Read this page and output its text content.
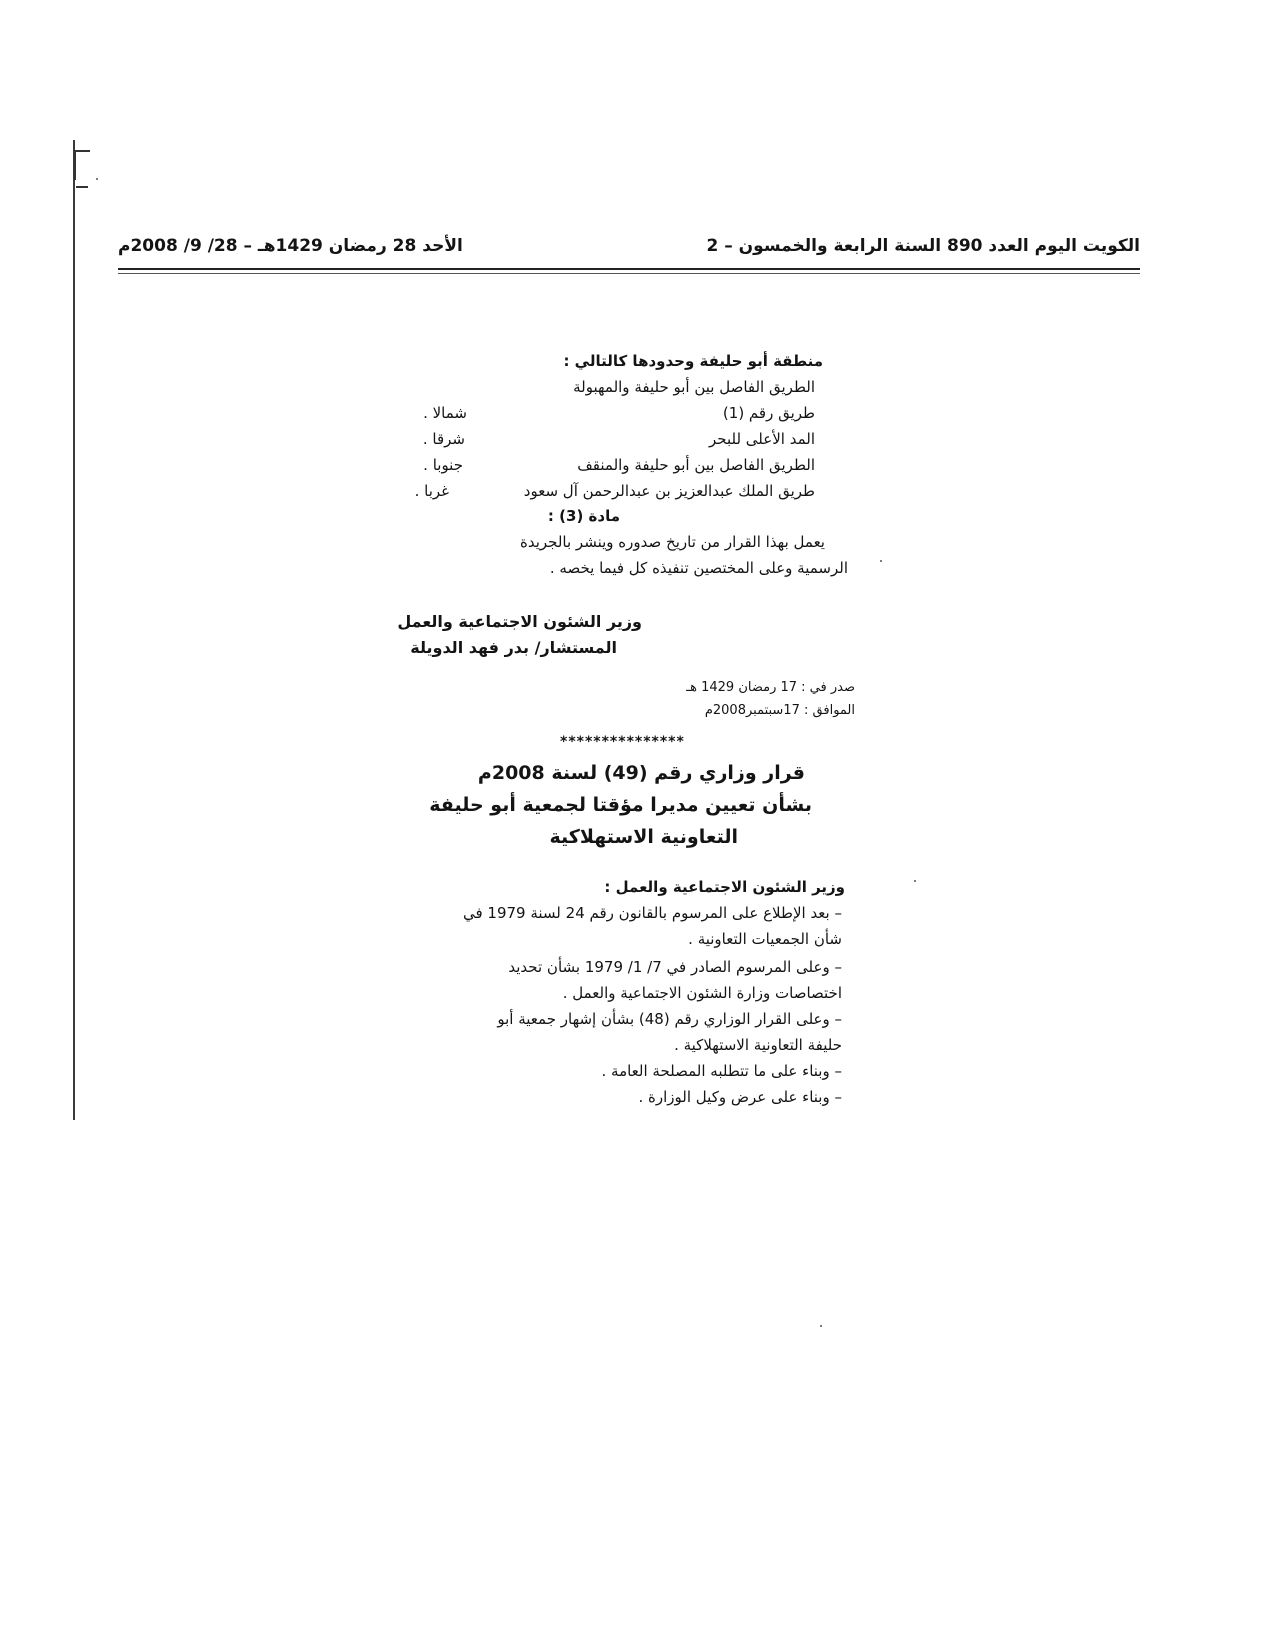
الكويت اليوم العدد 890 السنة الرابعة والخمسون – 2
الأحد 28 رمضان 1429هـ – 28/ 9/ 2008م
منطقة أبو حليفة وحدودها كالتالي :
الطريق الفاصل بين أبو حليفة والمهبولة
طريق رقم (1)
شمالا .
المد الأعلى للبحر
شرقا .
الطريق الفاصل بين أبو حليفة والمنقف
جنوبا .
طريق الملك عبدالعزيز بن عبدالرحمن آل سعود
غربا .
مادة (3) :
يعمل بهذا القرار من تاريخ صدوره وينشر بالجريدة
الرسمية وعلى المختصين تنفيذه كل فيما يخصه .
وزير الشئون الاجتماعية والعمل
المستشار/ بدر فهد الدويلة
صدر في : 17 رمضان 1429 هـ
الموافق : 17سبتمبر2008م
***************
قرار وزاري رقم (49) لسنة 2008م
بشأن تعيين مديرا مؤقتا لجمعية أبو حليفة
التعاونية الاستهلاكية
وزير الشئون الاجتماعية والعمل :
– بعد الإطلاع على المرسوم بالقانون رقم 24 لسنة 1979 في
شأن الجمعيات التعاونية .
– وعلى المرسوم الصادر في 7/ 1/ 1979 بشأن تحديد
اختصاصات وزارة الشئون الاجتماعية والعمل .
– وعلى القرار الوزاري رقم (48) بشأن إشهار جمعية أبو
حليفة التعاونية الاستهلاكية .
– وبناء على ما تتطلبه المصلحة العامة .
– وبناء على عرض وكيل الوزارة .
